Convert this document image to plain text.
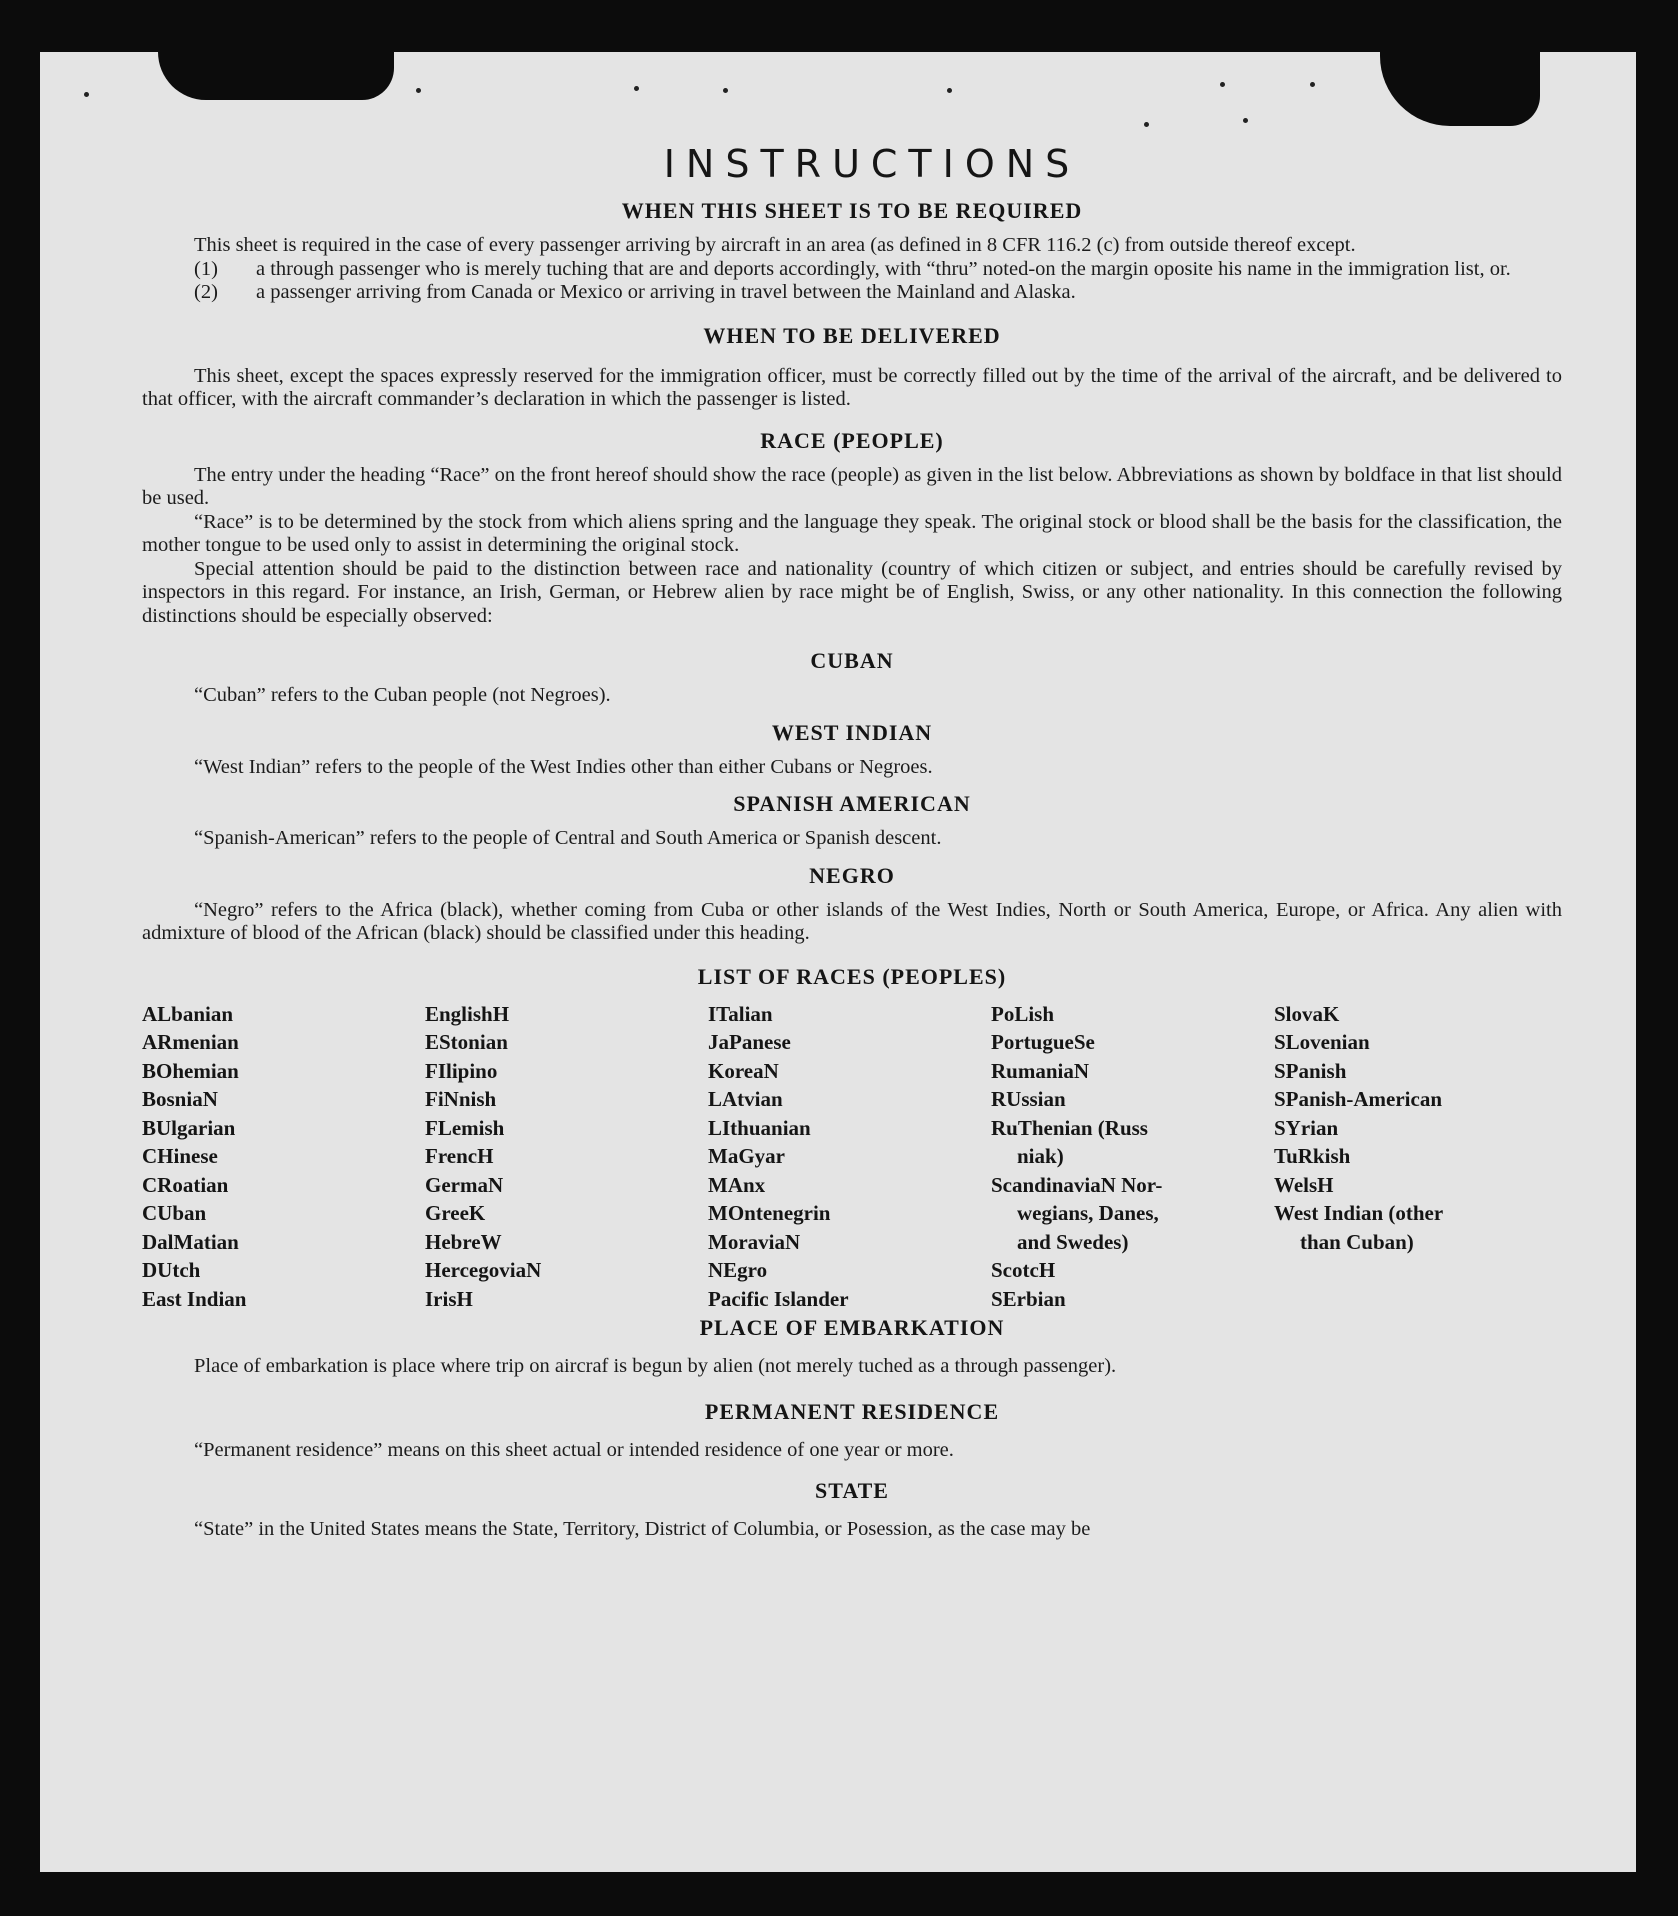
INSTRUCTIONS
WHEN THIS SHEET IS TO BE REQUIRED

This sheet is required in the case of every passenger arriving by aircraft in an area (as defined in 8 CFR 116.2 (c) from outside thereof except.

(1)	a through passenger who is merely tuching that are and deports accordingly, with “thru” noted-on the margin oposite his name in the immigration list, or.
(2)	a passenger arriving from Canada or Mexico or arriving in travel between the Mainland and Alaska.
WHEN TO BE DELIVERED

This sheet, except the spaces expressly reserved for the immigration officer, must be correctly filled out by the time of the arrival of the aircraft, and be delivered to that officer, with the aircraft commander’s declaration in which the passenger is listed.

RACE (PEOPLE)

The entry under the heading “Race” on the front hereof should show the race (people) as given in the list below. Abbreviations as shown by boldface in that list should be used.

“Race” is to be determined by the stock from which aliens spring and the language they speak. The original stock or blood shall be the basis for the classification, the mother tongue to be used only to assist in determining the original stock.

Special attention should be paid to the distinction between race and nationality (country of which citizen or subject, and entries should be carefully revised by inspectors in this regard. For instance, an Irish, German, or Hebrew alien by race might be of English, Swiss, or any other nationality. In this connection the following distinctions should be especially observed:

CUBAN

“Cuban” refers to the Cuban people (not Negroes).

WEST INDIAN

“West Indian” refers to the people of the West Indies other than either Cubans or Negroes.

SPANISH AMERICAN

“Spanish-American” refers to the people of Central and South America or Spanish descent.

NEGRO

“Negro” refers to the Africa (black), whether coming from Cuba or other islands of the West Indies, North or South America, Europe, or Africa. Any alien with admixture of blood of the African (black) should be classified under this heading.

LIST OF RACES (PEOPLES)
ALbanian
ARmenian
BOhemian
BosniaN
BUlgarian
CHinese
CRoatian
CUban
DalMatian
DUtch
East Indian
EnglishH
EStonian
FIlipino
FiNnish
FLemish
FrencH
GermaN
GreeK
HebreW
HercegoviaN
IrisH
ITalian
JaPanese
KoreaN
LAtvian
LIthuanian
MaGyar
MAnx
MOntenegrin
MoraviaN
NEgro
Pacific Islander
PoLish
PortugueSe
RumaniaN
RUssian
RuThenian (Russ
niak)
ScandinaviaN Nor-
wegians, Danes,
and Swedes)
ScotcH
SErbian
SlovaK
SLovenian
SPanish
SPanish-American
SYrian
TuRkish
WelsH
West Indian (other
than Cuban)
PLACE OF EMBARKATION

Place of embarkation is place where trip on aircraf is begun by alien (not merely tuched as a through passenger).

PERMANENT RESIDENCE

“Permanent residence” means on this sheet actual or intended residence of one year or more.

STATE

“State” in the United States means the State, Territory, District of Columbia, or Posession, as the case may be
